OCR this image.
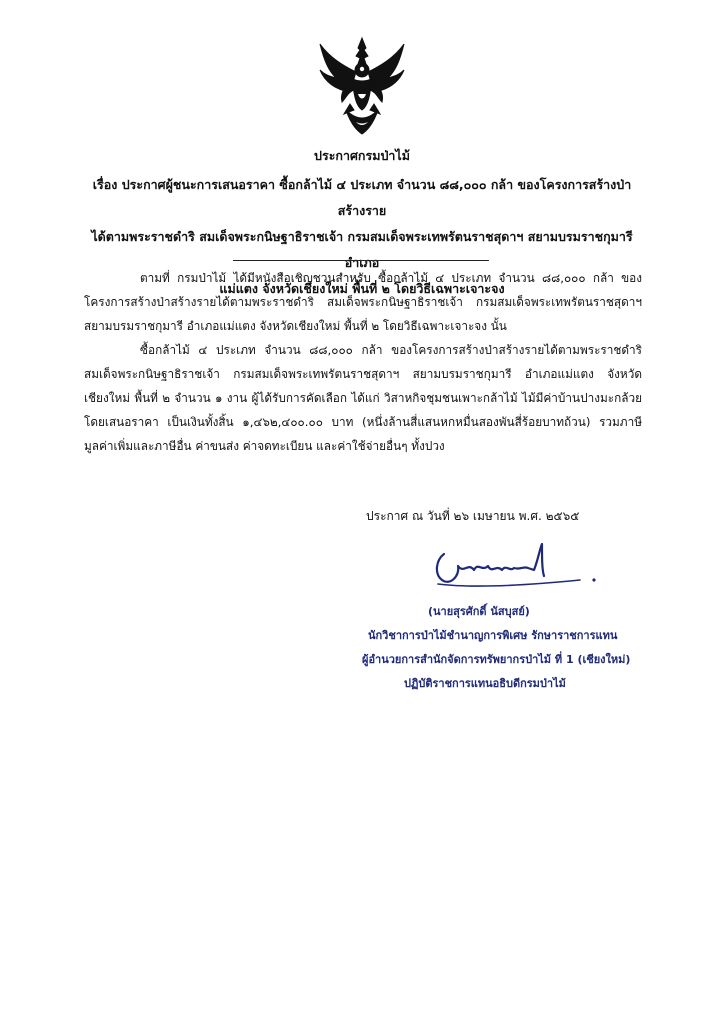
ประกาศกรมป่าไม้
เรื่อง ประกาศผู้ชนะการเสนอราคา ซื้อกล้าไม้ ๔ ประเภท จำนวน ๘๘,๐๐๐ กล้า ของโครงการสร้างป่าสร้างราย
ได้ตามพระราชดำริ สมเด็จพระกนิษฐาธิราชเจ้า กรมสมเด็จพระเทพรัตนราชสุดาฯ สยามบรมราชกุมารี อำเภอ
แม่แตง จังหวัดเชียงใหม่ พื้นที่ ๒ โดยวิธีเฉพาะเจาะจง

ตามที่ กรมป่าไม้ ได้มีหนังสือเชิญชวนสำหรับ ซื้อกล้าไม้ ๔ ประเภท จำนวน ๘๘,๐๐๐ กล้า ของโครงการสร้างป่าสร้างรายได้ตามพระราชดำริ สมเด็จพระกนิษฐาธิราชเจ้า กรมสมเด็จพระเทพรัตนราชสุดาฯ สยามบรมราชกุมารี อำเภอแม่แตง จังหวัดเชียงใหม่ พื้นที่ ๒ โดยวิธีเฉพาะเจาะจง นั้น

ซื้อกล้าไม้ ๔ ประเภท จำนวน ๘๘,๐๐๐ กล้า ของโครงการสร้างป่าสร้างรายได้ตามพระราชดำริ สมเด็จพระกนิษฐาธิราชเจ้า กรมสมเด็จพระเทพรัตนราชสุดาฯ สยามบรมราชกุมารี อำเภอแม่แตง จังหวัดเชียงใหม่ พื้นที่ ๒ จำนวน ๑ งาน ผู้ได้รับการคัดเลือก ได้แก่ วิสาหกิจชุมชนเพาะกล้าไม้ ไม้มีค่าบ้านปางมะกล้วย โดยเสนอราคา เป็นเงินทั้งสิ้น ๑,๔๖๒,๔๐๐.๐๐ บาท (หนึ่งล้านสี่แสนหกหมื่นสองพันสี่ร้อยบาทถ้วน) รวมภาษีมูลค่าเพิ่มและภาษีอื่น ค่าขนส่ง ค่าจดทะเบียน และค่าใช้จ่ายอื่นๆ ทั้งปวง

ประกาศ ณ วันที่ ๒๖ เมษายน พ.ศ. ๒๕๖๕
(นายสุรศักดิ์ นัสบุสย์)
นักวิชาการป่าไม้ชำนาญการพิเศษ รักษาราชการแทน
ผู้อำนวยการสำนักจัดการทรัพยากรป่าไม้ ที่ 1 (เชียงใหม่)
ปฏิบัติราชการแทนอธิบดีกรมป่าไม้
